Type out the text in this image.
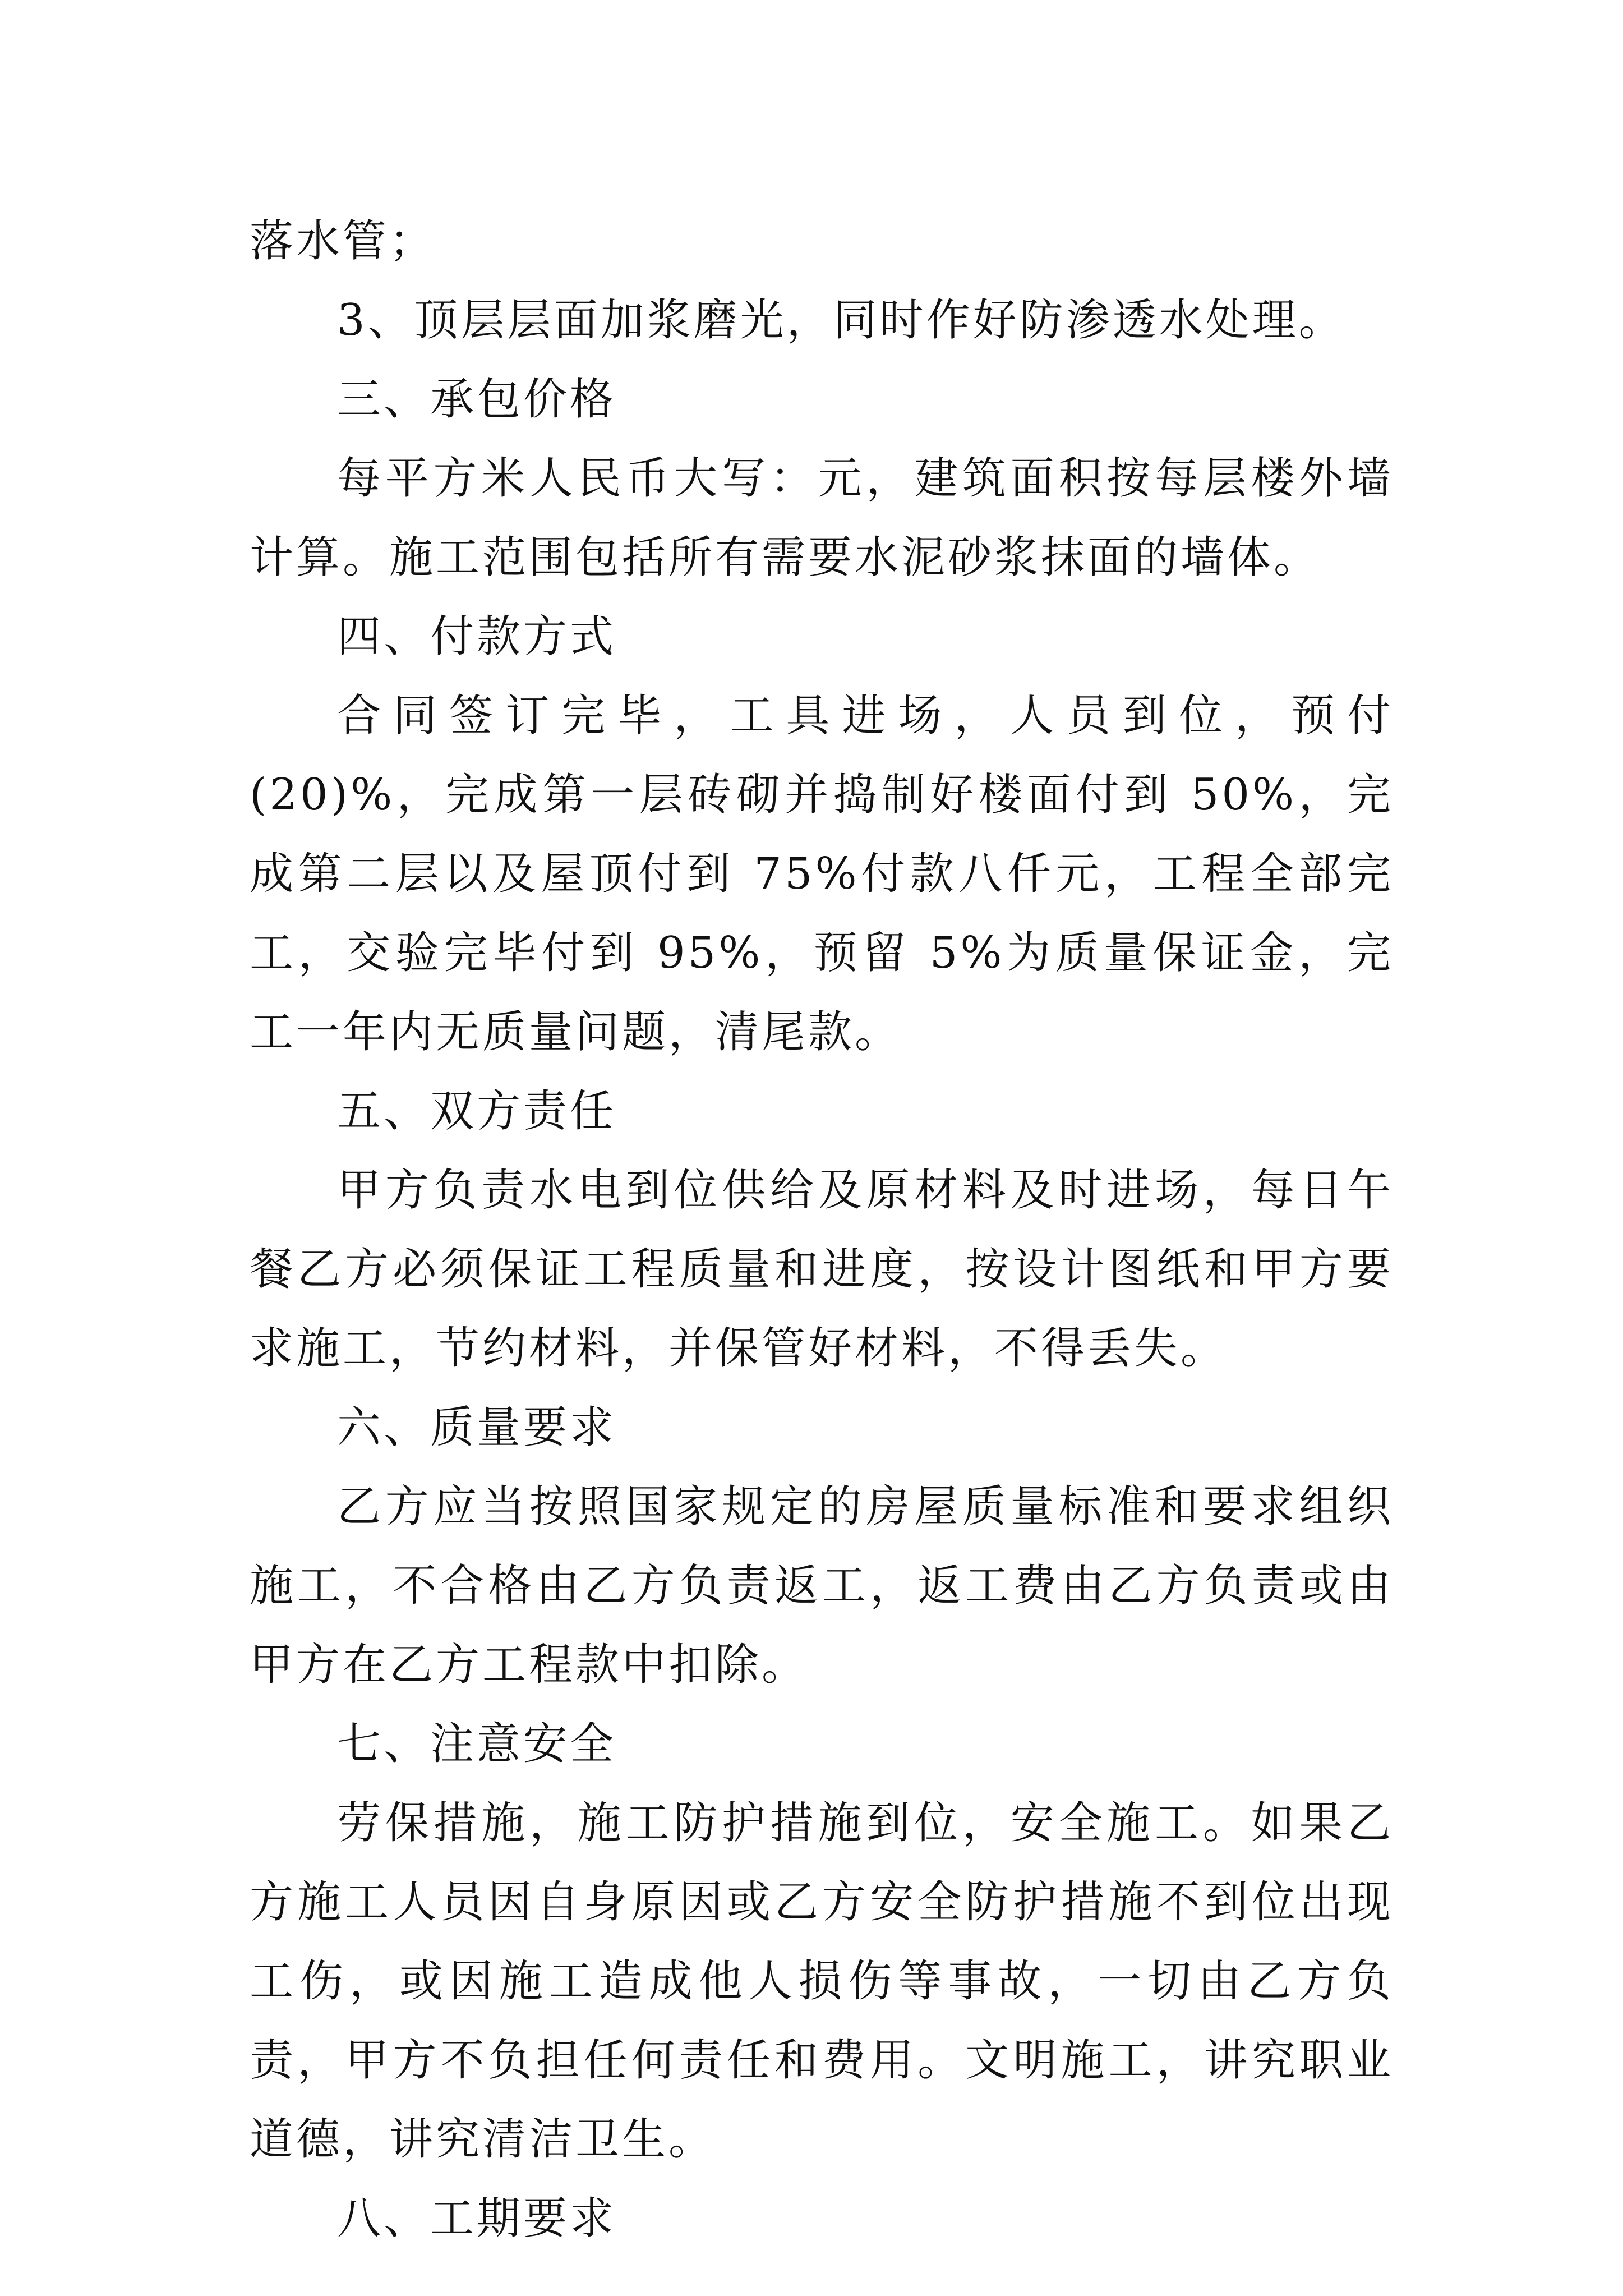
落水管；

3、顶层层面加浆磨光，同时作好防渗透水处理。

三、承包价格

每平方米人民币大写：元，建筑面积按每层楼外墙计算。施工范围包括所有需要水泥砂浆抹面的墙体。

四、付款方式

合同签订完毕，工具进场，人员到位，预付(20)%，完成第一层砖砌并捣制好楼面付到 50%，完成第二层以及屋顶付到 75%付款八仟元，工程全部完工，交验完毕付到 95%，预留 5%为质量保证金，完工一年内无质量问题，清尾款。

五、双方责任

甲方负责水电到位供给及原材料及时进场，每日午餐乙方必须保证工程质量和进度，按设计图纸和甲方要求施工，节约材料，并保管好材料，不得丢失。

六、质量要求

乙方应当按照国家规定的房屋质量标准和要求组织施工，不合格由乙方负责返工，返工费由乙方负责或由甲方在乙方工程款中扣除。

七、注意安全

劳保措施，施工防护措施到位，安全施工。如果乙方施工人员因自身原因或乙方安全防护措施不到位出现工伤，或因施工造成他人损伤等事故，一切由乙方负责，甲方不负担任何责任和费用。文明施工，讲究职业道德，讲究清洁卫生。

八、工期要求
